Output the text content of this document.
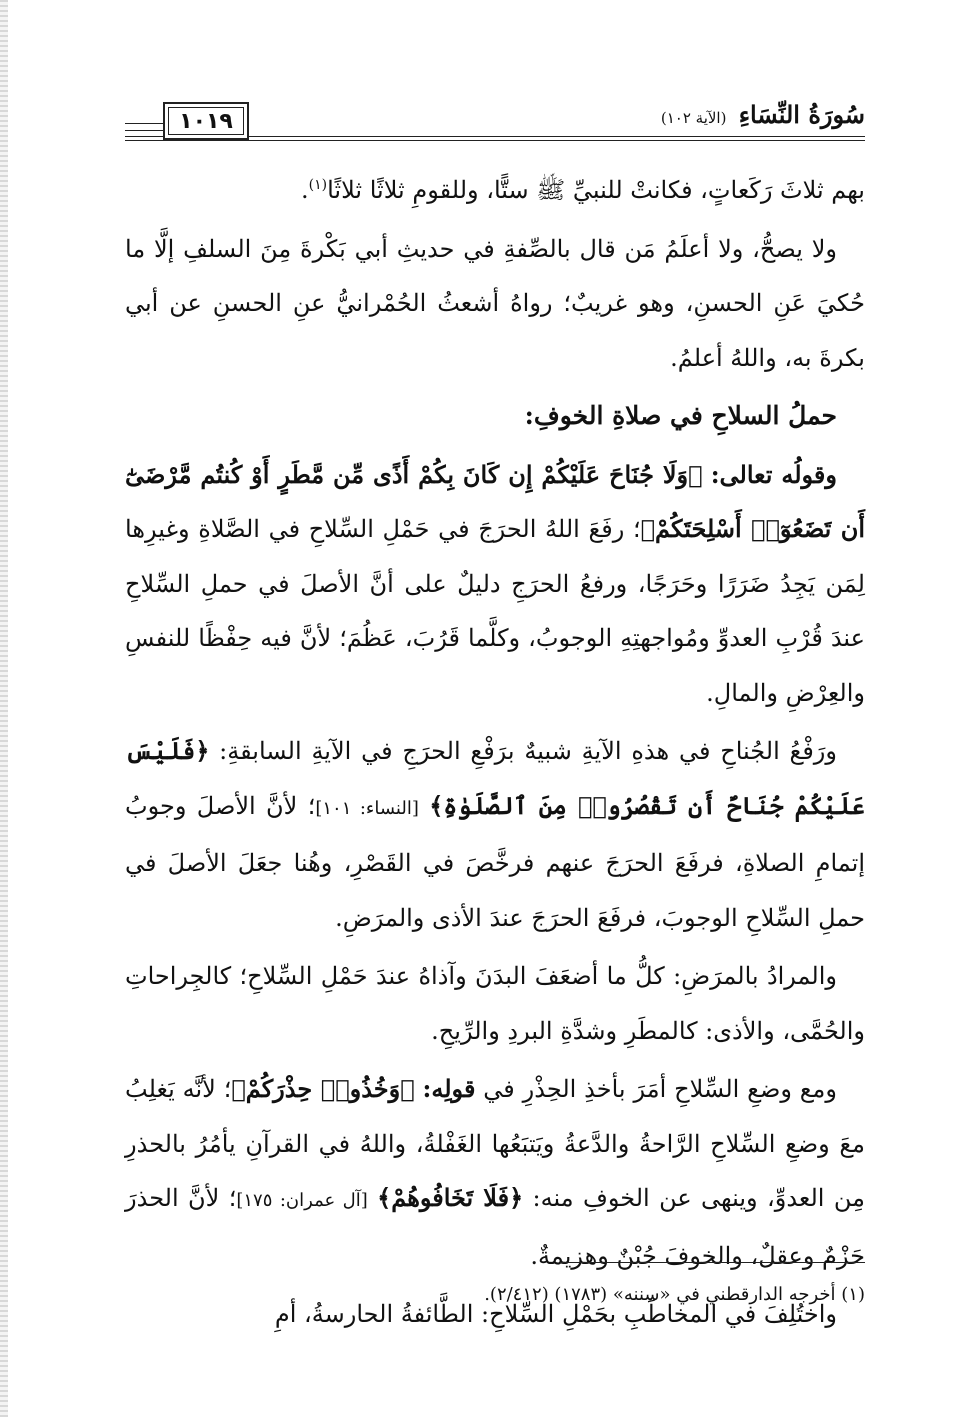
١٠١٩	سُورَةُ النِّسَاءِ (الآية ١٠٢)

بهم ثلاثَ رَكَعاتٍ، فكانتْ للنبيِّ ﷺ ستًّا، وللقومِ ثلاثًا ثلاثًا$^{(١)}$.

ولا يصحُّ، ولا أعلَمُ مَن قال بالصِّفةِ في حديثِ أبي بَكْرةَ مِنَ السلفِ إلَّا ما حُكيَ عَنِ الحسنِ، وهو غريبٌ؛ رواهُ أشعثُ الحُمْرانيُّ عنِ الحسنِ عن أبي بكرةَ به، واللهُ أعلمُ.

حملُ السلاحِ في صلاةِ الخوفِ:

وقولُه تعالى: ﴿وَلَا جُنَاحَ عَلَيْكُمْ إِن كَانَ بِكُمْ أَذًى مِّن مَّطَرٍ أَوْ كُنتُم مَّرْضَىٰٓ أَن تَضَعُوٓا۟ أَسْلِحَتَكُمْ﴾؛ رفَعَ اللهُ الحرَجَ في حَمْلِ السِّلاحِ في الصَّلاةِ وغيرِها لِمَن يَجِدُ ضَرَرًا وحَرَجًا، ورفعُ الحرَجِ دليلٌ على أنَّ الأصلَ في حملِ السِّلاحِ عندَ قُرْبِ العدوِّ ومُواجهتِهِ الوجوبُ، وكلَّما قَرُبَ، عَظُمَ؛ لأنَّ فيه حِفْظًا للنفسِ والعِرْضِ والمالِ.

ورَفْعُ الجُناحِ في هذهِ الآيةِ شبيهٌ برَفْعِ الحرَجِ في الآيةِ السابقةِ: ﴿فَلَيْسَ عَلَيْكُمْ جُنَاحٌ أَن تَقْصُرُوا۟ مِنَ ٱلصَّلَوٰةِ﴾ [النساء: ١٠١]؛ لأنَّ الأصلَ وجوبُ إتمامِ الصلاةِ، فرفَعَ الحرَجَ عنهم فرخَّصَ في القَصْرِ، وهُنا جعَلَ الأصلَ في حملِ السِّلاحِ الوجوبَ، فرفَعَ الحرَجَ عندَ الأذى والمرَضِ.

والمرادُ بالمرَضِ: كلُّ ما أضعَفَ البدَنَ وآذاهُ عندَ حَمْلِ السِّلاحِ؛ كالجِراحاتِ والحُمَّى، والأذى: كالمطَرِ وشدَّةِ البردِ والرِّيحِ.

ومع وضعِ السِّلاحِ أمَرَ بأخذِ الحِذْرِ في قولِه: ﴿وَخُذُوا۟ حِذْرَكُمْ﴾؛ لأنَّه يَغلِبُ معَ وضعِ السِّلاحِ الرَّاحةُ والدَّعةُ ويَتبَعُها الغَفْلةُ، واللهُ في القرآنِ يأمُرُ بالحذرِ مِن العدوِّ، وينهى عن الخوفِ منه: ﴿فَلَا تَخَافُوهُمْ﴾ [آل عمران: ١٧٥]؛ لأنَّ الحذرَ حَزْمٌ وعقلٌ، والخوفَ جُبْنٌ وهزيمةٌ.

واختُلِفَ في المخاطَبِ بحَمْلِ السِّلاحِ: الطَّائفةُ الحارسةُ، أمِ

(١) أخرجه الدارقطني في «سننه» (١٧٨٣) (٢/٤١٢).
